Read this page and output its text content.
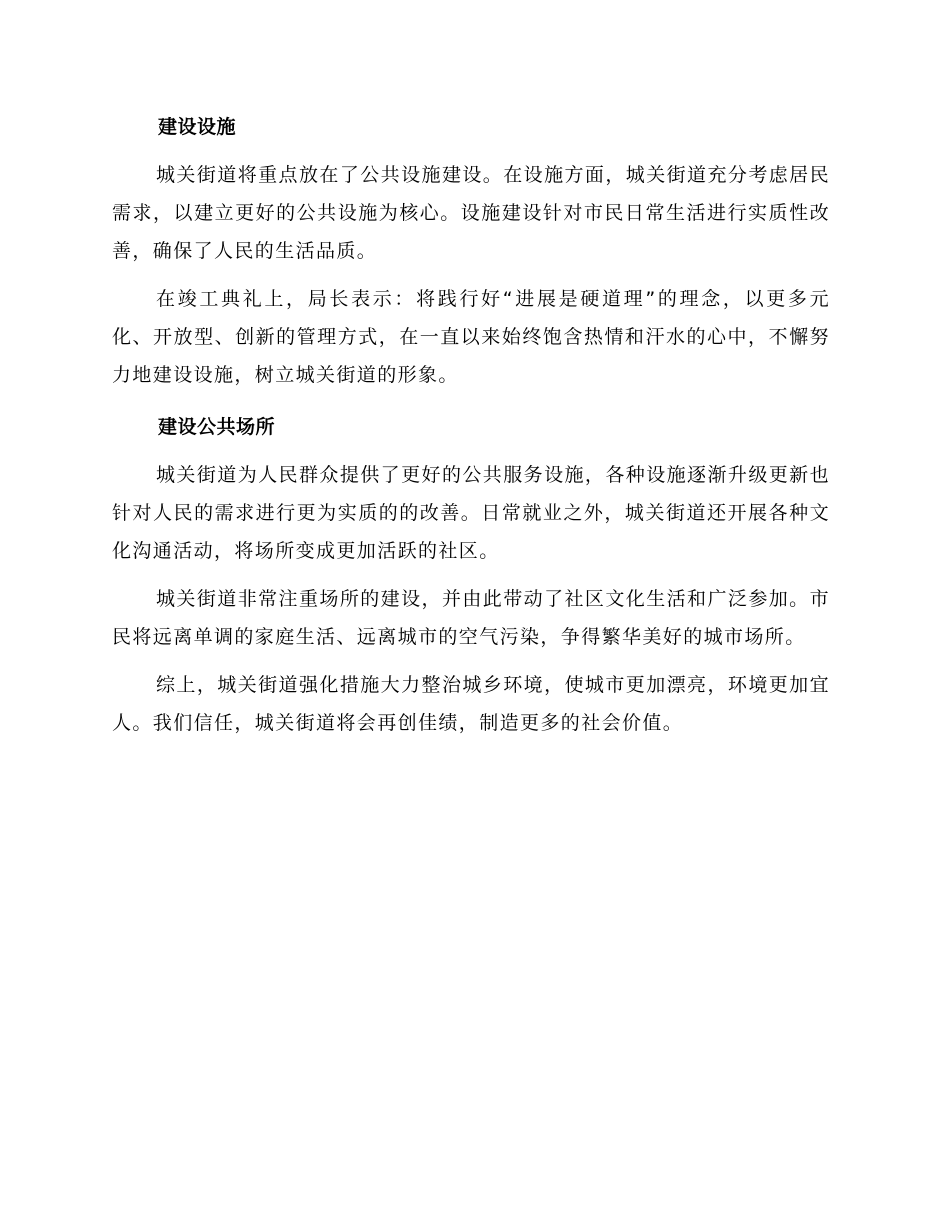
建设设施

城关街道将重点放在了公共设施建设。在设施方面，城关街道充分考虑居民需求，以建立更好的公共设施为核心。设施建设针对市民日常生活进行实质性改善，确保了人民的生活品质。

在竣工典礼上，局长表示：将践行好“进展是硬道理”的理念，以更多元化、开放型、创新的管理方式，在一直以来始终饱含热情和汗水的心中，不懈努力地建设设施，树立城关街道的形象。

建设公共场所

城关街道为人民群众提供了更好的公共服务设施，各种设施逐渐升级更新也针对人民的需求进行更为实质的的改善。日常就业之外，城关街道还开展各种文化沟通活动，将场所变成更加活跃的社区。

城关街道非常注重场所的建设，并由此带动了社区文化生活和广泛参加。市民将远离单调的家庭生活、远离城市的空气污染，争得繁华美好的城市场所。

综上，城关街道强化措施大力整治城乡环境，使城市更加漂亮，环境更加宜人。我们信任，城关街道将会再创佳绩，制造更多的社会价值。
